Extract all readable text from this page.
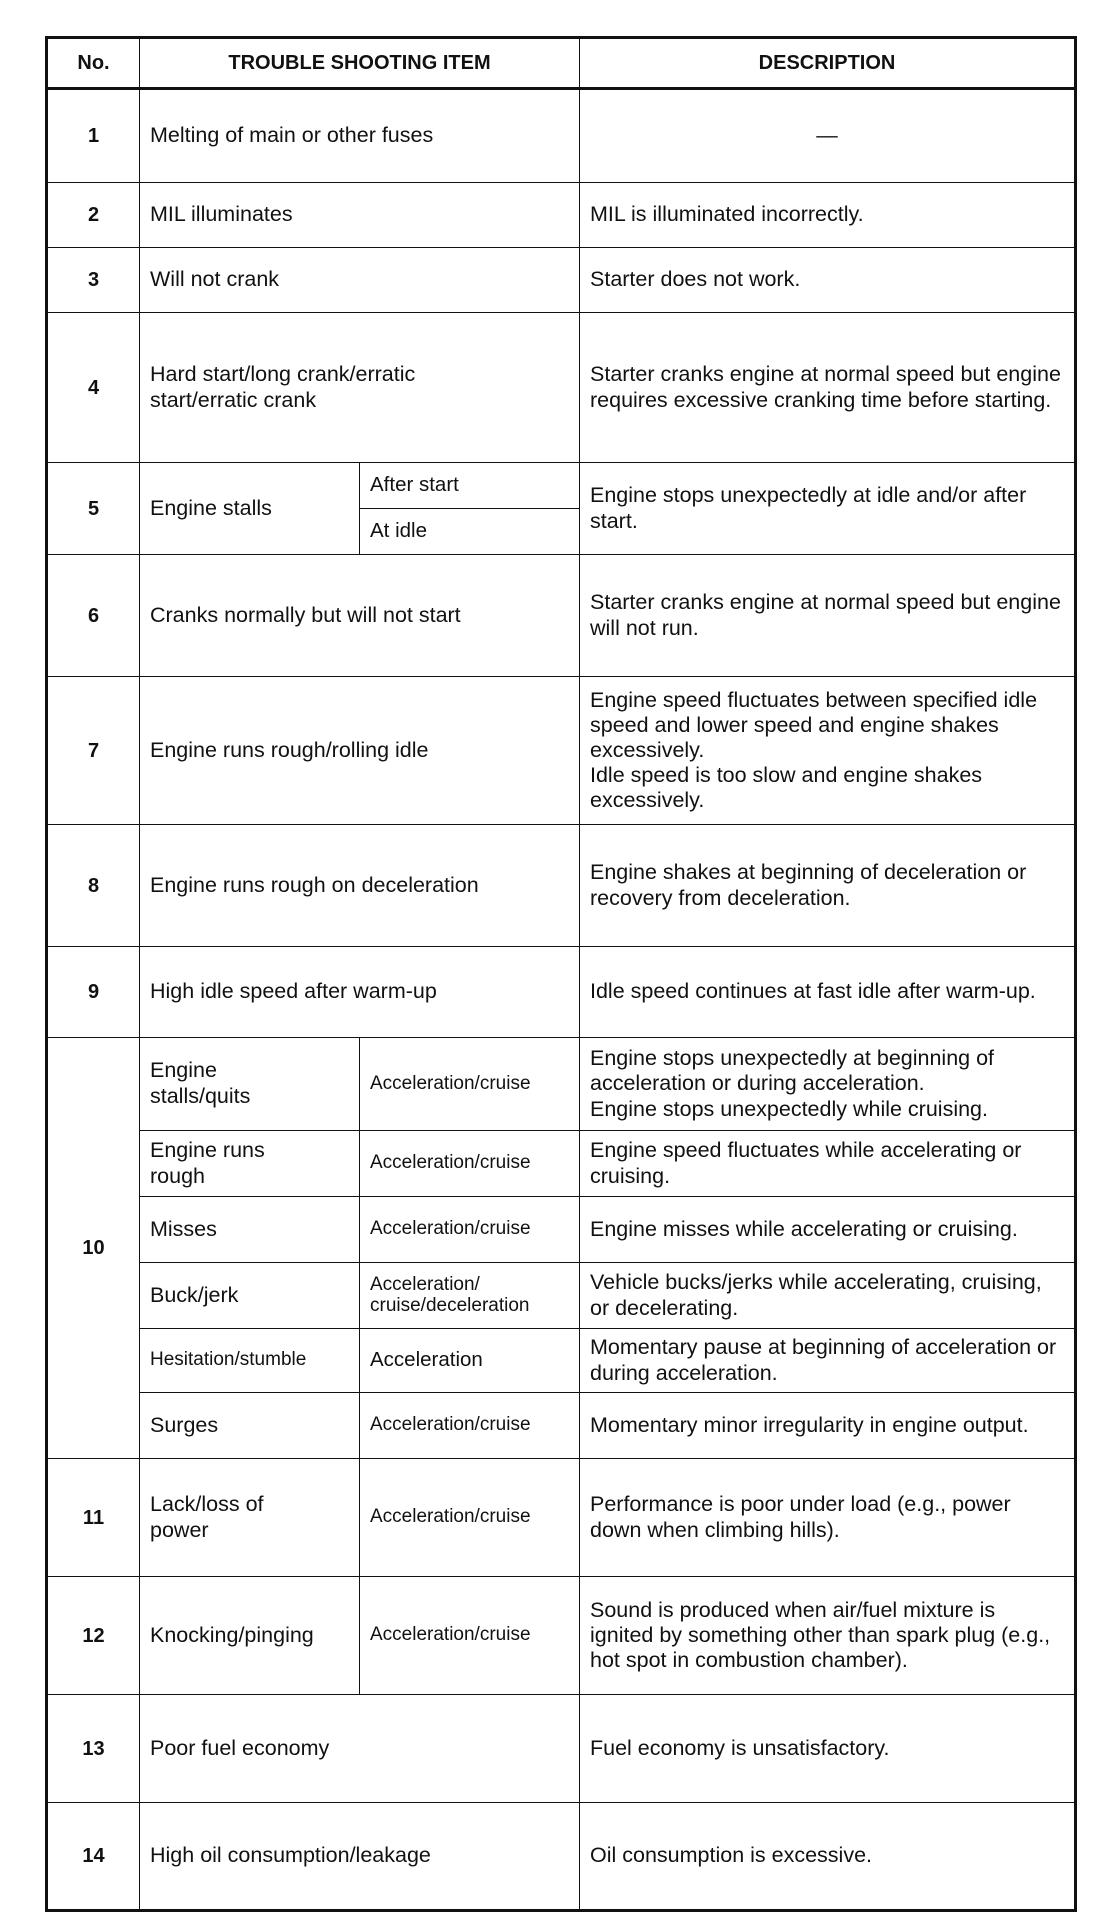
No.	TROUBLE SHOOTING ITEM		DESCRIPTION
1	Melting of main or other fuses		—
2	MIL illuminates		MIL is illuminated incorrectly.
3	Will not crank		Starter does not work.
4	Hard start/long crank/erratic start/erratic crank		Starter cranks engine at normal speed but engine requires excessive cranking time before starting.
5	Engine stalls	After start	Engine stops unexpectedly at idle and/or after start.
		At idle	
6	Cranks normally but will not start		Starter cranks engine at normal speed but engine will not run.
7	Engine runs rough/rolling idle		Engine speed fluctuates between specified idle speed and lower speed and engine shakes excessively.
Idle speed is too slow and engine shakes excessively.

8	Engine runs rough on deceleration		Engine shakes at beginning of deceleration or recovery from deceleration.
9	High idle speed after warm-up		Idle speed continues at fast idle after warm-up.
10	Engine stalls/quits	Acceleration/cruise	Engine stops unexpectedly at beginning of acceleration or during acceleration.
Engine stops unexpectedly while cruising.

	Engine runs rough	Acceleration/cruise	Engine speed fluctuates while accelerating or cruising.
	Misses	Acceleration/cruise	Engine misses while accelerating or cruising.
	Buck/jerk	Acceleration/ cruise/deceleration	Vehicle bucks/jerks while accelerating, cruising, or decelerating.
	Hesitation/stumble	Acceleration	Momentary pause at beginning of acceleration or during acceleration.
	Surges	Acceleration/cruise	Momentary minor irregularity in engine output.
11	Lack/loss of power	Acceleration/cruise	Performance is poor under load (e.g., power down when climbing hills).
12	Knocking/pinging	Acceleration/cruise	Sound is produced when air/fuel mixture is ignited by something other than spark plug (e.g., hot spot in combustion chamber).
13	Poor fuel economy		Fuel economy is unsatisfactory.
14	High oil consumption/leakage		Oil consumption is excessive.
